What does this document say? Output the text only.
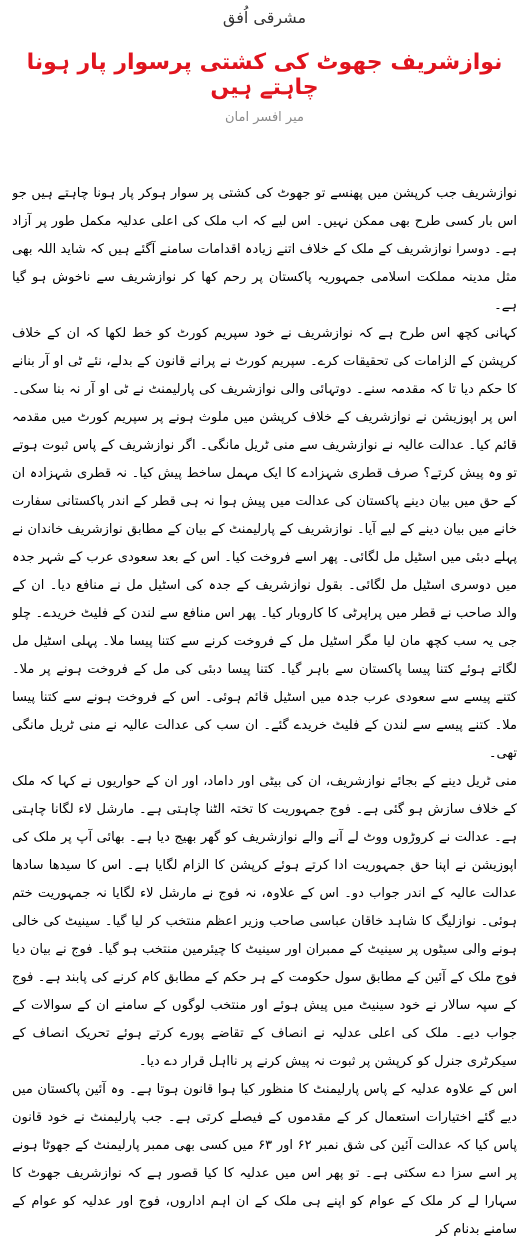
مشرقی اُفق
نوازشریف جھوٹ کی کشتی پرسوار پار ہونا چاہتے ہیں
میر افسر امان

نوازشریف جب کرپشن میں پھنسے تو جھوٹ کی کشتی پر سوار ہوکر پار ہونا چاہتے ہیں جو اس بار کسی طرح بھی ممکن نہیں۔ اس لیے کہ اب ملک کی اعلی عدلیہ مکمل طور پر آزاد ہے۔ دوسرا نوازشریف کے ملک کے خلاف اتنے زیادہ اقدامات سامنے آگئے ہیں کہ شاید اللہ بھی مثل مدینہ مملکت اسلامی جمہوریہ پاکستان پر رحم کھا کر نوازشریف سے ناخوش ہو گیا ہے۔

کہانی کچھ اس طرح ہے کہ نوازشریف نے خود سپریم کورٹ کو خط لکھا کہ ان کے خلاف کرپشن کے الزامات کی تحقیقات کرے۔ سپریم کورٹ نے پرانے قانون کے بدلے، نئے ٹی او آر بنانے کا حکم دیا تا کہ مقدمہ سنے۔ دوتہائی والی نوازشریف کی پارلیمنٹ نے ٹی او آر نہ بنا سکی۔ اس پر اپوزیشن نے نوازشریف کے خلاف کرپشن میں ملوث ہونے پر سپریم کورٹ میں مقدمہ قائم کیا۔ عدالت عالیہ نے نوازشریف سے منی ٹریل مانگی۔ اگر نوازشریف کے پاس ثبوت ہوتے تو وہ پیش کرتے؟ صرف قطری شہزادے کا ایک مہمل ساخط پیش کیا۔ نہ قطری شہزادہ ان کے حق میں بیان دینے پاکستان کی عدالت میں پیش ہوا نہ ہی قطر کے اندر پاکستانی سفارت خانے میں بیان دینے کے لیے آیا۔ نوازشریف کے پارلیمنٹ کے بیان کے مطابق نوازشریف خاندان نے پہلے دبئی میں اسٹیل مل لگائی۔ پھر اسے فروخت کیا۔ اس کے بعد سعودی عرب کے شہر جدہ میں دوسری اسٹیل مل لگائی۔ بقول نوازشریف کے جدہ کی اسٹیل مل نے منافع دیا۔ ان کے والد صاحب نے قطر میں پراپرٹی کا کاروبار کیا۔ پھر اس منافع سے لندن کے فلیٹ خریدے۔ چلو جی یہ سب کچھ مان لیا مگر اسٹیل مل کے فروخت کرنے سے کتنا پیسا ملا۔ پہلی اسٹیل مل لگاتے ہوئے کتنا پیسا پاکستان سے باہر گیا۔ کتنا پیسا دبئی کی مل کے فروخت ہونے پر ملا۔ کتنے پیسے سے سعودی عرب جدہ میں اسٹیل قائم ہوئی۔ اس کے فروخت ہونے سے کتنا پیسا ملا۔ کتنے پیسے سے لندن کے فلیٹ خریدے گئے۔ ان سب کی عدالت عالیہ نے منی ٹریل مانگی تھی۔

منی ٹریل دینے کے بجائے نوازشریف، ان کی بیٹی اور داماد، اور ان کے حواریوں نے کہا کہ ملک کے خلاف سازش ہو گئی ہے۔ فوج جمہوریت کا تختہ الٹنا چاہتی ہے۔ مارشل لاء لگانا چاہتی ہے۔ عدالت نے کروڑوں ووٹ لے آنے والے نوازشریف کو گھر بھیج دیا ہے۔ بھائی آپ پر ملک کی اپوزیشن نے اپنا حق جمہوریت ادا کرتے ہوئے کرپشن کا الزام لگایا ہے۔ اس کا سیدھا سادھا عدالت عالیہ کے اندر جواب دو۔ اس کے علاوہ، نہ فوج نے مارشل لاء لگایا نہ جمہوریت ختم ہوئی۔ نوازلیگ کا شاہد خاقان عباسی صاحب وزیر اعظم منتخب کر لیا گیا۔ سینیٹ کی خالی ہونے والی سیٹوں پر سینیٹ کے ممبران اور سینیٹ کا چیئرمین منتخب ہو گیا۔ فوج نے بیان دیا فوج ملک کے آئین کے مطابق سول حکومت کے ہر حکم کے مطابق کام کرنے کی پابند ہے۔ فوج کے سپہ سالار نے خود سینیٹ میں پیش ہوئے اور منتخب لوگوں کے سامنے ان کے سوالات کے جواب دیے۔ ملک کی اعلی عدلیہ نے انصاف کے تقاضے پورے کرتے ہوئے تحریک انصاف کے سیکرٹری جنرل کو کرپشن پر ثبوت نہ پیش کرنے پر نااہل قرار دے دیا۔

اس کے علاوہ عدلیہ کے پاس پارلیمنٹ کا منظور کیا ہوا قانون ہوتا ہے۔ وہ آئین پاکستان میں دیے گئے اختیارات استعمال کر کے مقدموں کے فیصلے کرتی ہے۔ جب پارلیمنٹ نے خود قانون پاس کیا کہ عدالت آئین کی شق نمبر ۶۲ اور ۶۳ میں کسی بھی ممبر پارلیمنٹ کے جھوٹا ہونے پر اسے سزا دے سکتی ہے۔ تو پھر اس میں عدلیہ کا کیا قصور ہے کہ نوازشریف جھوٹ کا سہارا لے کر ملک کے عوام کو اپنے ہی ملک کے ان اہم اداروں، فوج اور عدلیہ کو عوام کے سامنے بدنام کر
